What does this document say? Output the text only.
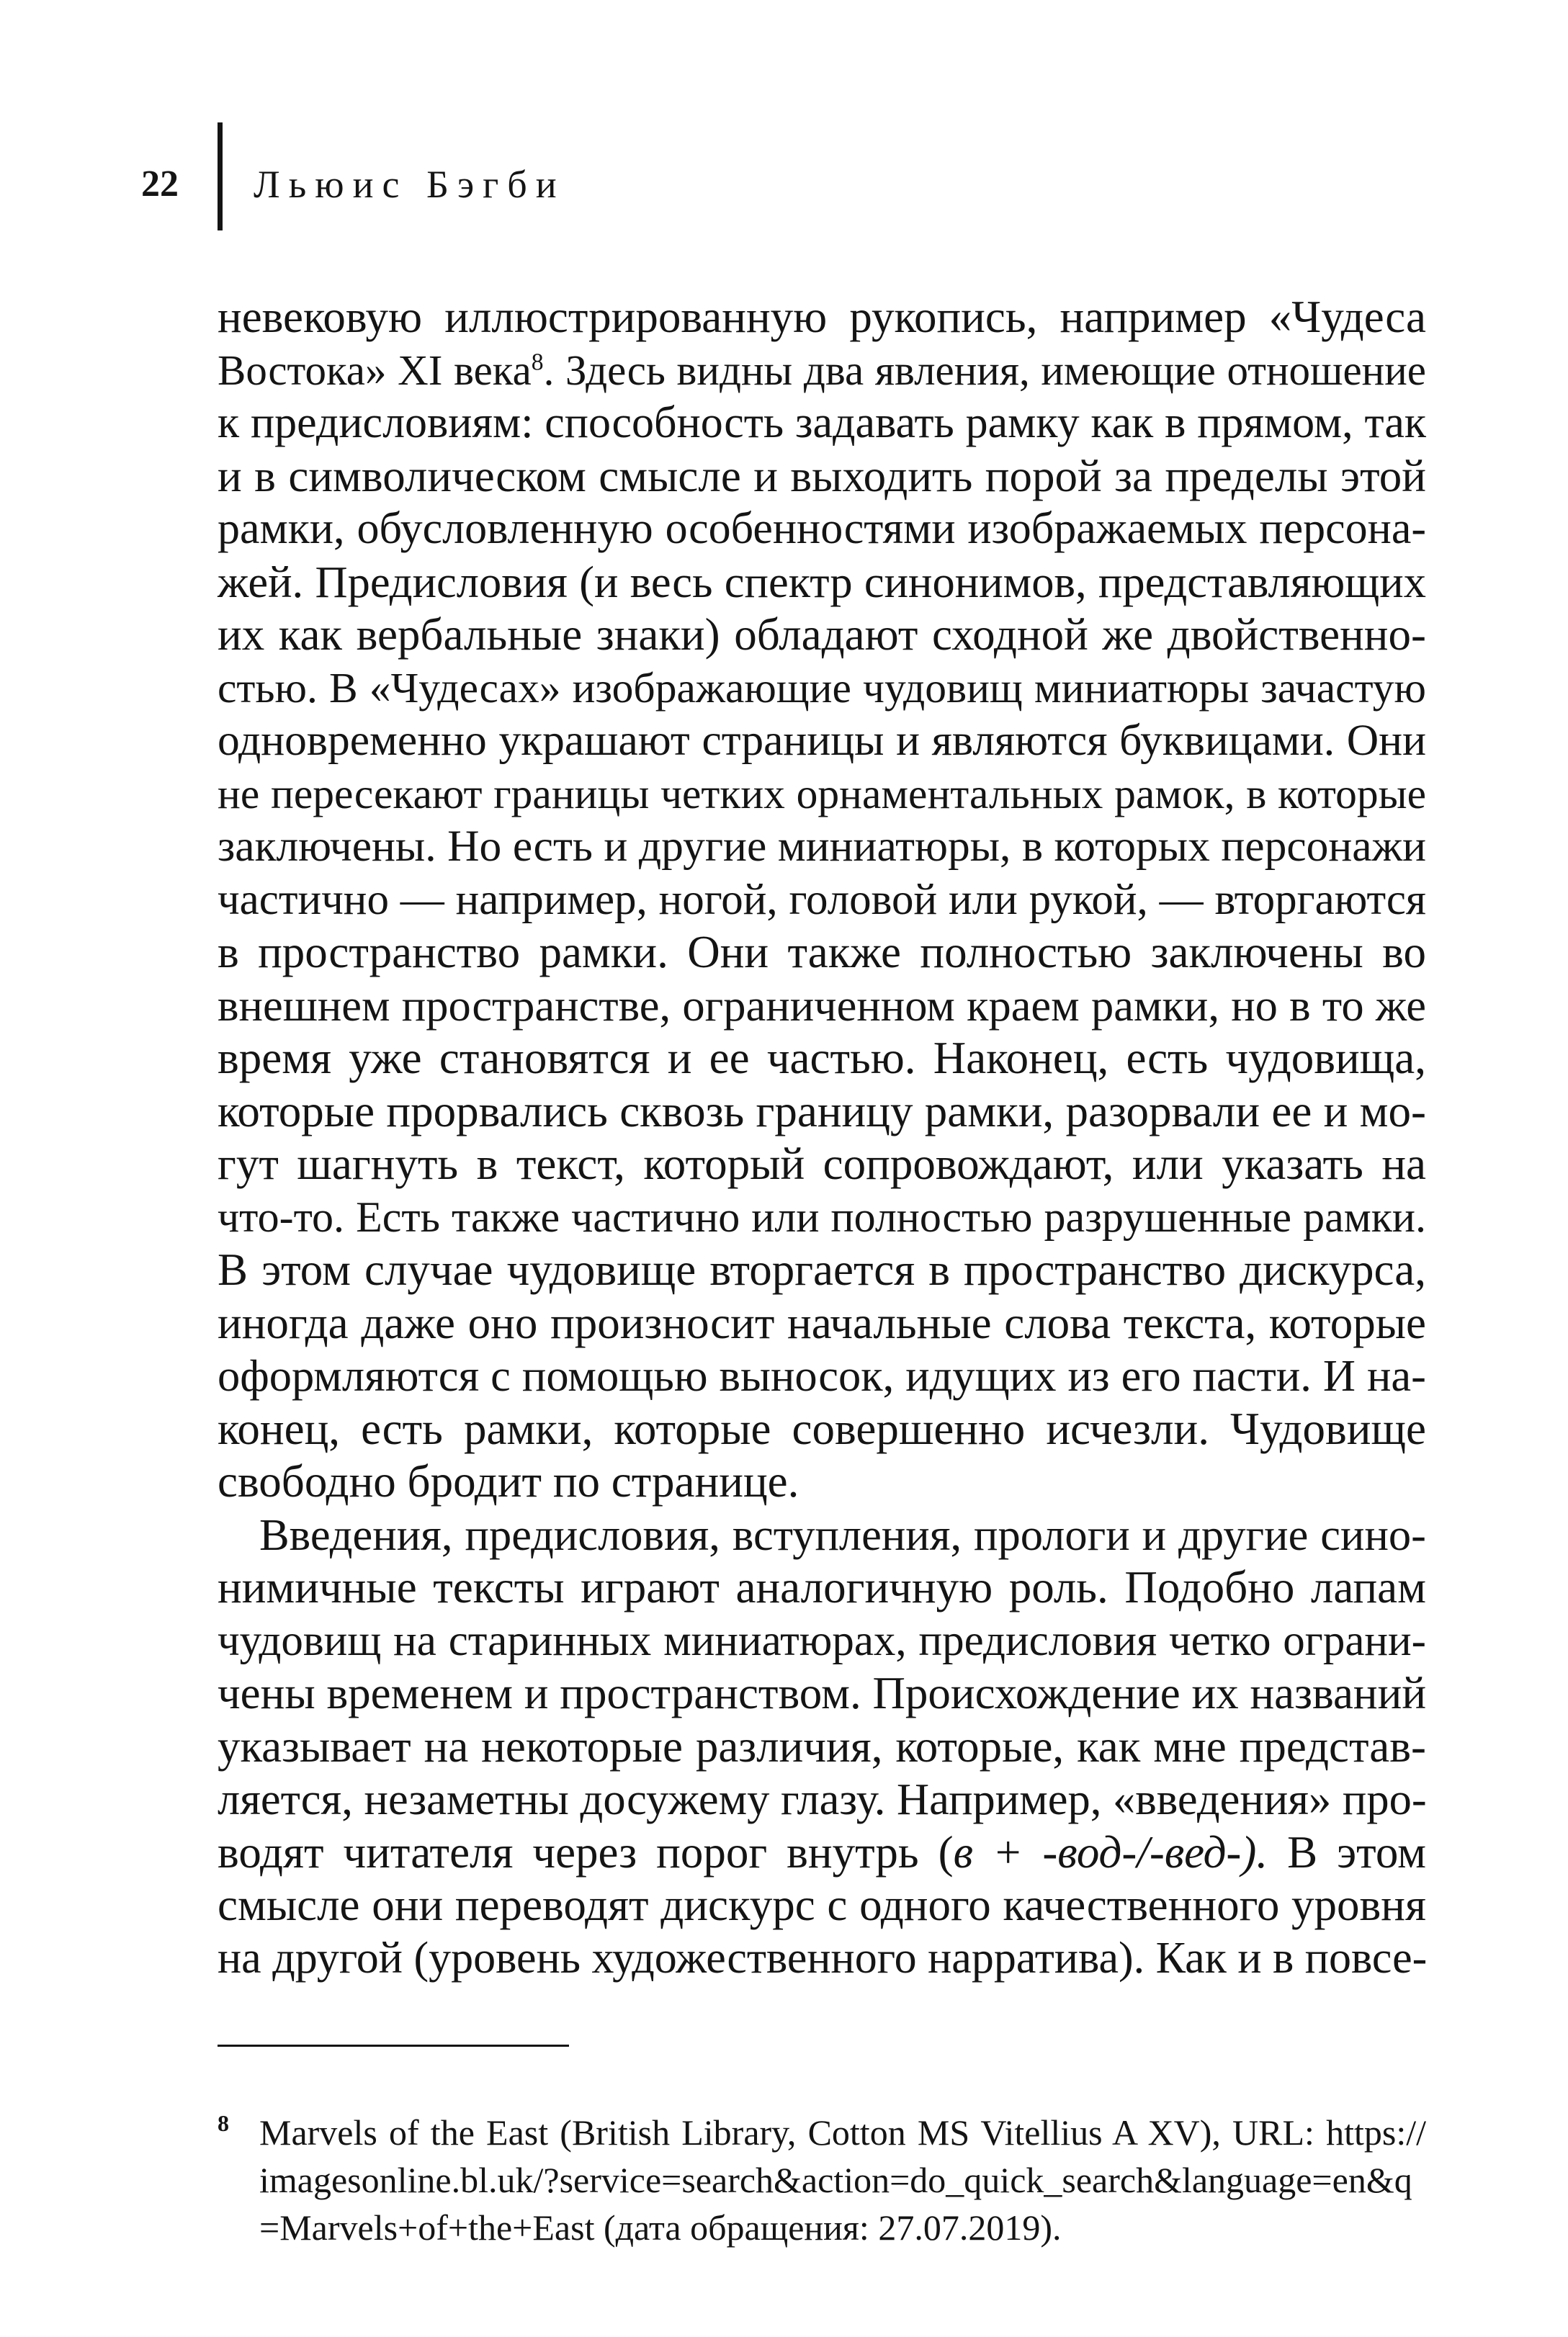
22 Льюис Бэгби
невековую иллюстрированную рукопись, например «Чудеса
Востока» XI века$^8$. Здесь видны два явления, имеющие отношение
к предисловиям: способность задавать рамку как в прямом, так
и в символическом смысле и выходить порой за пределы этой
рамки, обусловленную особенностями изображаемых персона-
жей. Предисловия (и весь спектр синонимов, представляющих
их как вербальные знаки) обладают сходной же двойственно-
стью. В «Чудесах» изображающие чудовищ миниатюры зачастую
одновременно украшают страницы и являются буквицами. Они
не пересекают границы четких орнаментальных рамок, в которые
заключены. Но есть и другие миниатюры, в которых персонажи
частично — например, ногой, головой или рукой, — вторгаются
в пространство рамки. Они также полностью заключены во
внешнем пространстве, ограниченном краем рамки, но в то же
время уже становятся и ее частью. Наконец, есть чудовища,
которые прорвались сквозь границу рамки, разорвали ее и мо-
гут шагнуть в текст, который сопровождают, или указать на
что-то. Есть также частично или полностью разрушенные рамки.
В этом случае чудовище вторгается в пространство дискурса,
иногда даже оно произносит начальные слова текста, которые
оформляются с помощью выносок, идущих из его пасти. И на-
конец, есть рамки, которые совершенно исчезли. Чудовище
свободно бродит по странице.
Введения, предисловия, вступления, прологи и другие сино-
нимичные тексты играют аналогичную роль. Подобно лапам
чудовищ на старинных миниатюрах, предисловия четко ограни-
чены временем и пространством. Происхождение их названий
указывает на некоторые различия, которые, как мне представ-
ляется, незаметны досужему глазу. Например, «введения» про-
водят читателя через порог внутрь (в + -вод-/-вед-). В этом
смысле они переводят дискурс с одного качественного уровня
на другой (уровень художественного нарратива). Как и в повсе-
8 Marvels of the East (British Library, Cotton MS Vitellius A XV), URL: https://
imagesonline.bl.uk/?service=search&action=do_quick_search&language=en&q
=Marvels+of+the+East (дата обращения: 27.07.2019).
